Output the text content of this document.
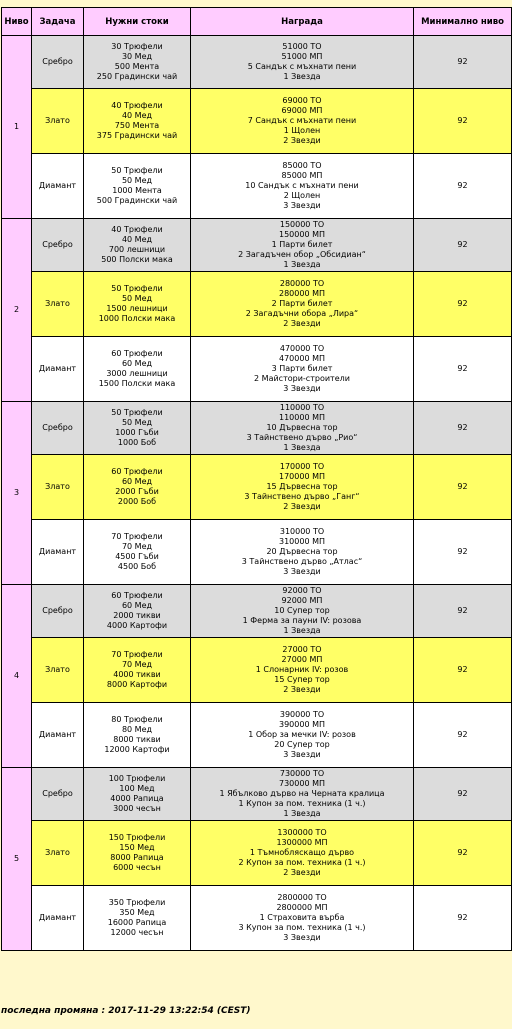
Ниво	Задача	Нужни стоки	Награда	Минимално ниво
1	Сребро	30 Трюфели
30 Мед
500 Мента
250 Градински чай	51000 ТО
51000 МП
5 Сандък с мъхнати пени
1 Звезда	92
	Злато	40 Трюфели
40 Мед
750 Мента
375 Градински чай	69000 ТО
69000 МП
7 Сандък с мъхнати пени
1 Щолен
2 Звезди	92
	Диамант	50 Трюфели
50 Мед
1000 Мента
500 Градински чай	85000 ТО
85000 МП
10 Сандък с мъхнати пени
2 Щолен
3 Звезди	92
2	Сребро	40 Трюфели
40 Мед
700 лешници
500 Полски мака	150000 ТО
150000 МП
1 Парти билет
2 Загадъчен обор „Обсидиан“
1 Звезда	92
	Злато	50 Трюфели
50 Мед
1500 лешници
1000 Полски мака	280000 ТО
280000 МП
2 Парти билет
2 Загадъчни обора „Лира“
2 Звезди	92
	Диамант	60 Трюфели
60 Мед
3000 лешници
1500 Полски мака	470000 ТО
470000 МП
3 Парти билет
2 Майстори-строители
3 Звезди	92
3	Сребро	50 Трюфели
50 Мед
1000 Гъби
1000 Боб	110000 ТО
110000 МП
10 Дървесна тор
3 Тайнствено дърво „Рио“
1 Звезда	92
	Злато	60 Трюфели
60 Мед
2000 Гъби
2000 Боб	170000 ТО
170000 МП
15 Дървесна тор
3 Тайнствено дърво „Ганг“
2 Звезди	92
	Диамант	70 Трюфели
70 Мед
4500 Гъби
4500 Боб	310000 ТО
310000 МП
20 Дървесна тор
3 Тайнствено дърво „Атлас“
3 Звезди	92
4	Сребро	60 Трюфели
60 Мед
2000 тикви
4000 Картофи	92000 ТО
92000 МП
10 Супер тор
1 Ферма за пауни IV: розова
1 Звезда	92
	Злато	70 Трюфели
70 Мед
4000 тикви
8000 Картофи	27000 ТО
27000 МП
1 Слонарник IV: розов
15 Супер тор
2 Звезди	92
	Диамант	80 Трюфели
80 Мед
8000 тикви
12000 Картофи	390000 ТО
390000 МП
1 Обор за мечки IV: розов
20 Супер тор
3 Звезди	92
5	Сребро	100 Трюфели
100 Мед
4000 Рапица
3000 чесън	730000 ТО
730000 МП
1 Ябълково дърво на Черната кралица
1 Купон за пом. техника (1 ч.)
1 Звезда	92
	Злато	150 Трюфели
150 Мед
8000 Рапица
6000 чесън	1300000 ТО
1300000 МП
1 Тъмнобляскащо дърво
2 Купон за пом. техника (1 ч.)
2 Звезди	92
	Диамант	350 Трюфели
350 Мед
16000 Рапица
12000 чесън	2800000 ТО
2800000 МП
1 Страховита върба
3 Купон за пом. техника (1 ч.)
3 Звезди	92
последна промяна : 2017-11-29 13:22:54 (CEST)
